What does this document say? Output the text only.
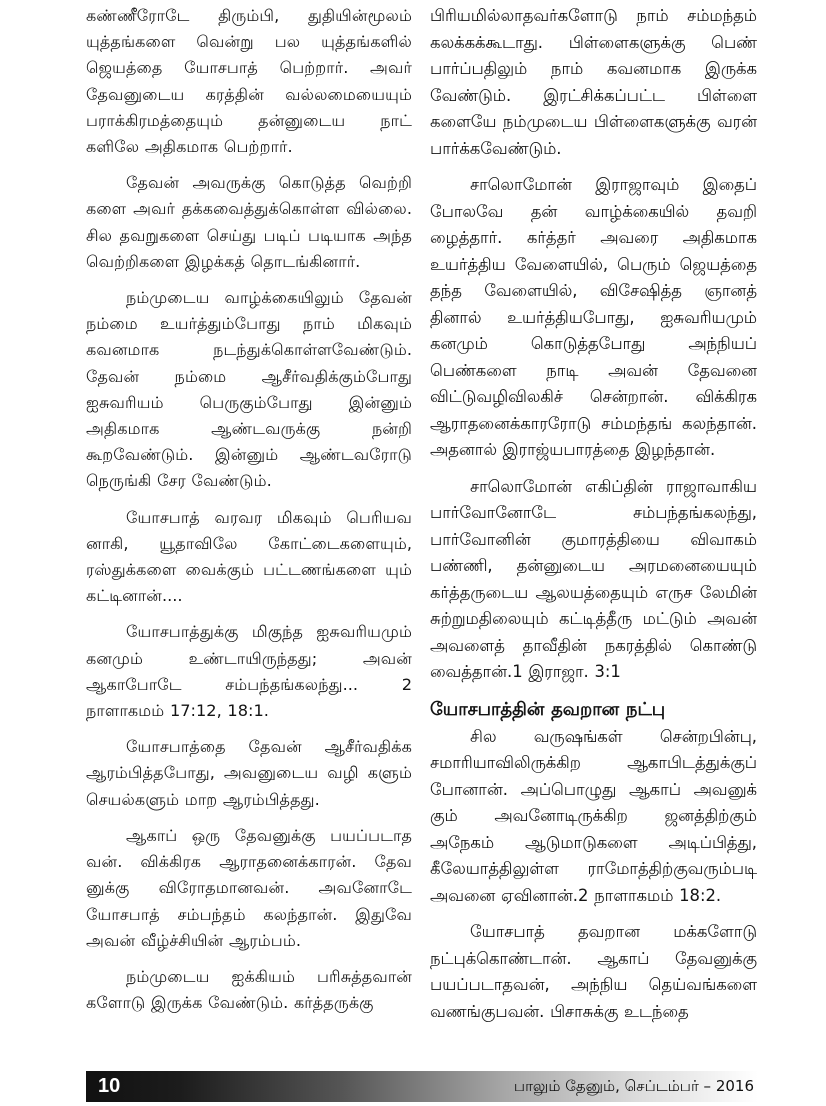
கண்ணீரோடே திரும்பி, துதியின்மூலம் யுத்தங்களை வென்று பல யுத்தங்களில் ஜெயத்தை யோசபாத் பெற்றார். அவர் தேவனுடைய கரத்தின் வல்லமையையும் பராக்கிரமத்தையும் தன்னுடைய நாட் களிலே அதிகமாக பெற்றார்.

தேவன் அவருக்கு கொடுத்த வெற்றி களை அவர் தக்கவைத்துக்கொள்ள வில்லை. சில தவறுகளை செய்து படிப் படியாக அந்த வெற்றிகளை இழக்கத் தொடங்கினார்.

நம்முடைய வாழ்க்கையிலும் தேவன் நம்மை உயர்த்தும்போது நாம் மிகவும் கவனமாக நடந்துக்கொள்ளவேண்டும். தேவன் நம்மை ஆசீர்வதிக்கும்போது ஐசுவரியம் பெருகும்போது இன்னும் அதிகமாக ஆண்டவருக்கு நன்றி கூறவேண்டும். இன்னும் ஆண்டவரோடு நெருங்கி சேர வேண்டும்.

யோசபாத் வரவர மிகவும் பெரியவ னாகி, யூதாவிலே கோட்டைகளையும், ரஸ்துக்களை வைக்கும் பட்டணங்களை யும் கட்டினான்....

யோசபாத்துக்கு மிகுந்த ஐசுவரியமும் கனமும் உண்டாயிருந்தது; அவன் ஆகாபோடே சம்பந்தங்கலந்து... 2 நாளாகமம் 17:12, 18:1.

யோசபாத்தை தேவன் ஆசீர்வதிக்க ஆரம்பித்தபோது, அவனுடைய வழி களும் செயல்களும் மாற ஆரம்பித்தது.

ஆகாப் ஒரு தேவனுக்கு பயப்படாத வன். விக்கிரக ஆராதனைக்காரன். தேவ னுக்கு விரோதமானவன். அவனோடே யோசபாத் சம்பந்தம் கலந்தான். இதுவே அவன் வீழ்ச்சியின் ஆரம்பம்.

நம்முடைய ஐக்கியம் பரிசுத்தவான் களோடு இருக்க வேண்டும். கர்த்தருக்கு

பிரியமில்லாதவர்களோடு நாம் சம்மந்தம் கலக்கக்கூடாது. பிள்ளைகளுக்கு பெண் பார்ப்பதிலும் நாம் கவனமாக இருக்க வேண்டும். இரட்சிக்கப்பட்ட பிள்ளை களையே நம்முடைய பிள்ளைகளுக்கு வரன் பார்க்கவேண்டும்.

சாலொமோன் இராஜாவும் இதைப் போலவே தன் வாழ்க்கையில் தவறி ழைத்தார். கர்த்தர் அவரை அதிகமாக உயர்த்திய வேளையில், பெரும் ஜெயத்தை தந்த வேளையில், விசேஷித்த ஞானத் தினால் உயர்த்தியபோது, ஐசுவரியமும் கனமும் கொடுத்தபோது அந்நியப் பெண்களை நாடி அவன் தேவனை விட்டுவழிவிலகிச் சென்றான். விக்கிரக ஆராதனைக்காரரோடு சம்மந்தங் கலந்தான். அதனால் இராஜ்யபாரத்தை இழந்தான்.

சாலொமோன் எகிப்தின் ராஜாவாகிய பார்வோனோடே சம்பந்தங்கலந்து, பார்வோனின் குமாரத்தியை விவாகம் பண்ணி, தன்னுடைய அரமனையையும் கர்த்தருடைய ஆலயத்தையும் எருச லேமின் சுற்றுமதிலையும் கட்டித்தீரு மட்டும் அவன் அவளைத் தாவீதின் நகரத்தில் கொண்டு வைத்தான்.1 இராஜா. 3:1

யோசபாத்தின் தவறான நட்பு

சில வருஷங்கள் சென்றபின்பு, சமாரியாவிலிருக்கிற ஆகாபிடத்துக்குப் போனான். அப்பொழுது ஆகாப் அவனுக் கும் அவனோடிருக்கிற ஜனத்திற்கும் அநேகம் ஆடுமாடுகளை அடிப்பித்து, கீலேயாத்திலுள்ள ராமோத்திற்குவரும்படி அவனை ஏவினான்.2 நாளாகமம் 18:2.

யோசபாத் தவறான மக்களோடு நட்புக்கொண்டான். ஆகாப் தேவனுக்கு பயப்படாதவன், அந்நிய தெய்வங்களை வணங்குபவன். பிசாசுக்கு உடந்தை

10	பாலும் தேனும், செப்டம்பர் – 2016
